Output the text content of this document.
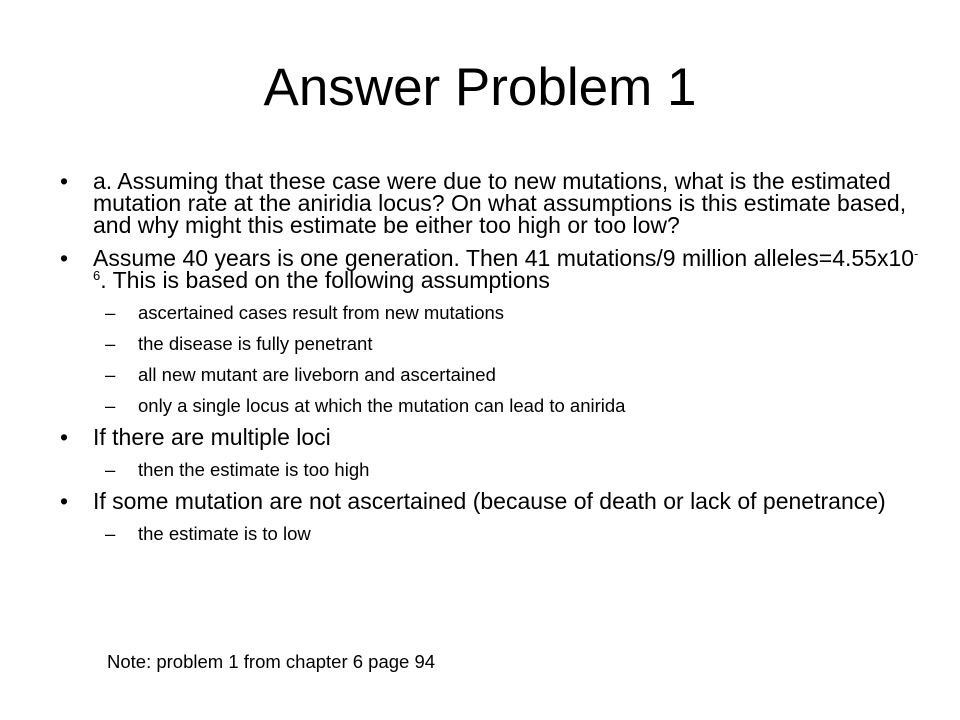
Answer Problem 1
• a. Assuming that these case were due to new mutations, what is the estimated mutation rate at the aniridia locus? On what assumptions is this estimate based, and why might this estimate be either too high or too low?
• Assume 40 years is one generation. Then 41 mutations/9 million $alleles=4.55x10^{-6}$. This is based on the following assumptions
– ascertained cases result from new mutations
– the disease is fully penetrant
– all new mutant are liveborn and ascertained
– only a single locus at which the mutation can lead to anirida
• If there are multiple loci
– then the estimate is too high
• If some mutation are not ascertained (because of death or lack of penetrance)
– the estimate is to low
Note: problem 1 from chapter 6 page 94
